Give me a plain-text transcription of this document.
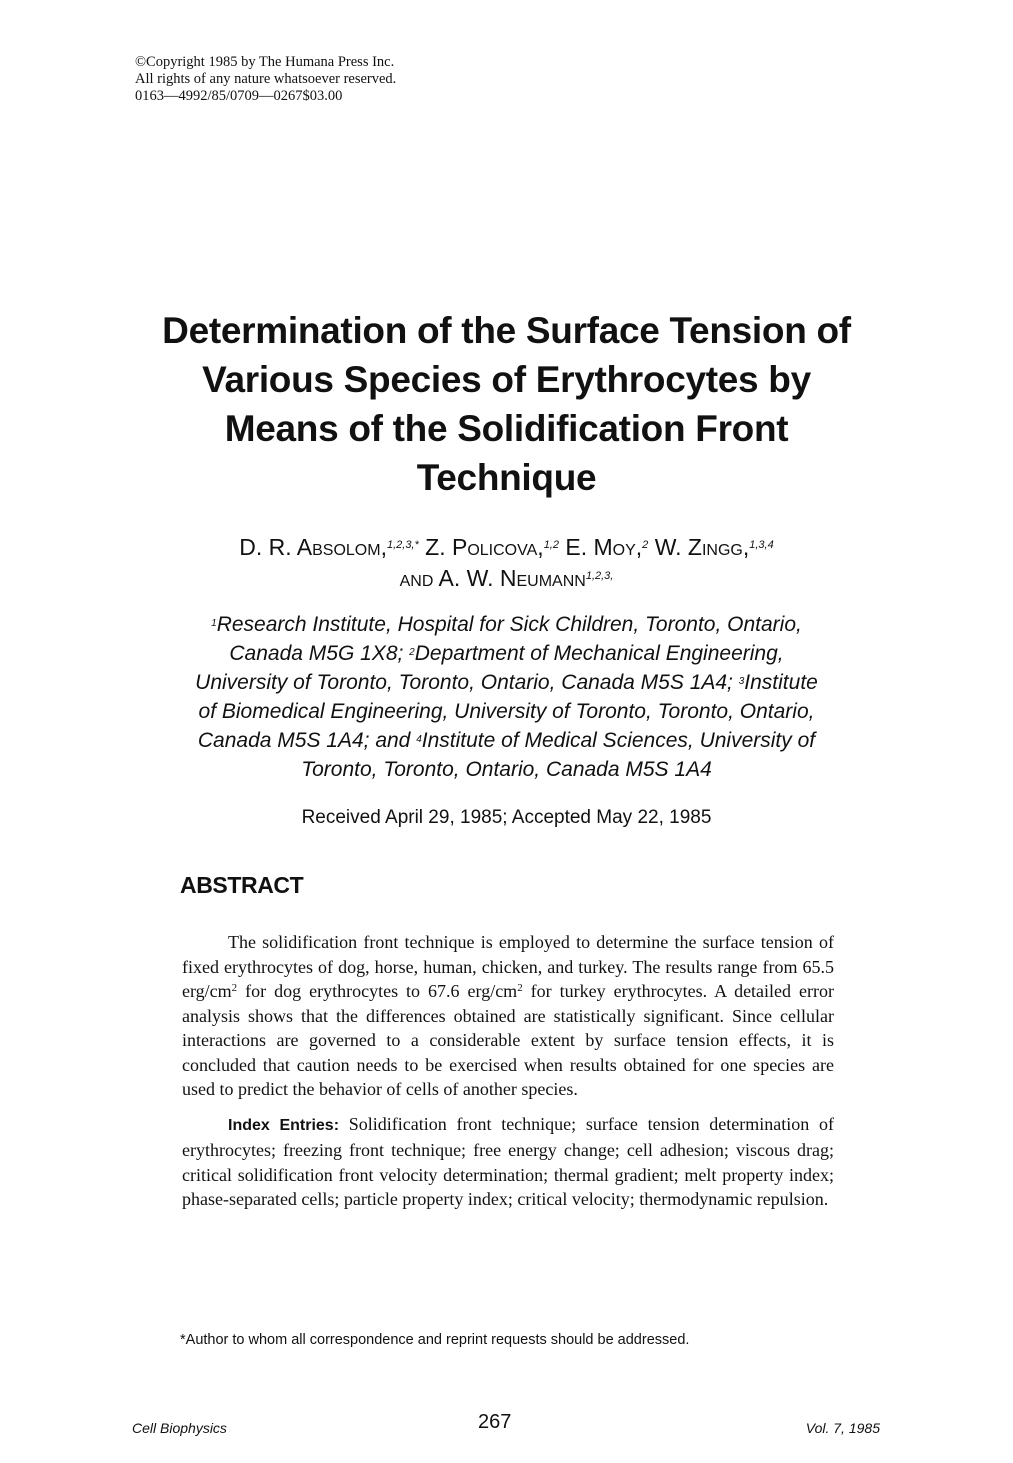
©Copyright 1985 by The Humana Press Inc.
All rights of any nature whatsoever reserved.
0163—4992/85/0709—0267$03.00
Determination of the Surface Tension of
Various Species of Erythrocytes by
Means of the Solidification Front
Technique
D. R. Absolom,$^{1,2,3,*}$ Z. Policova,$^{1,2}$ E. Moy,$^2$ W. Zingg,$^{1,3,4}$
and A. W. Neumann$^{1,2,3,}$
$^1$Research Institute, Hospital for Sick Children, Toronto, Ontario,
Canada M5G 1X8; $^2$Department of Mechanical Engineering,
University of Toronto, Toronto, Ontario, Canada M5S 1A4; $^3$Institute
of Biomedical Engineering, University of Toronto, Toronto, Ontario,
Canada M5S 1A4; and $^4$Institute of Medical Sciences, University of
Toronto, Toronto, Ontario, Canada M5S 1A4
Received April 29, 1985; Accepted May 22, 1985
ABSTRACT

The solidification front technique is employed to determine the surface tension of fixed erythrocytes of dog, horse, human, chicken, and turkey. The results range from 65.5 erg/$cm^2$ for dog erythrocytes to 67.6 erg/$cm^2$ for turkey erythrocytes. A detailed error analysis shows that the differences obtained are statistically significant. Since cellular interactions are governed to a considerable extent by surface tension effects, it is concluded that caution needs to be exercised when results obtained for one species are used to predict the behavior of cells of another species.

Index Entries: Solidification front technique; surface tension determination of erythrocytes; freezing front technique; free energy change; cell adhesion; viscous drag; critical solidification front velocity determination; thermal gradient; melt property index; phase-separated cells; particle property index; critical velocity; thermodynamic repulsion.

*Author to whom all correspondence and reprint requests should be addressed.
Cell Biophysics	267	Vol. 7, 1985
